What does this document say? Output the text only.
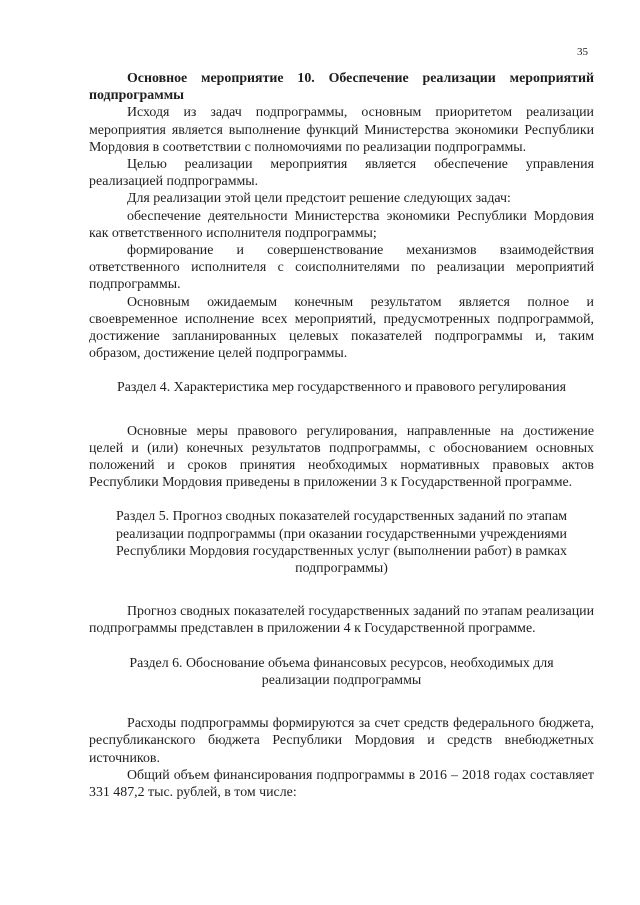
35

Основное мероприятие 10. Обеспечение реализации мероприятий подпрограммы

Исходя из задач подпрограммы, основным приоритетом реализации мероприятия является выполнение функций Министерства экономики Республики Мордовия в соответствии с полномочиями по реализации подпрограммы.

Целью реализации мероприятия является обеспечение управления реализацией подпрограммы.

Для реализации этой цели предстоит решение следующих задач:

обеспечение деятельности Министерства экономики Республики Мордовия как ответственного исполнителя подпрограммы;

формирование и совершенствование механизмов взаимодействия ответственного исполнителя с соисполнителями по реализации мероприятий подпрограммы.

Основным ожидаемым конечным результатом является полное и своевременное исполнение всех мероприятий, предусмотренных подпрограммой, достижение запланированных целевых показателей подпрограммы и, таким образом, достижение целей подпрограммы.

Раздел 4. Характеристика мер государственного и правового регулирования

Основные меры правового регулирования, направленные на достижение целей и (или) конечных результатов подпрограммы, с обоснованием основных положений и сроков принятия необходимых нормативных правовых актов Республики Мордовия приведены в приложении 3 к Государственной программе.

Раздел 5. Прогноз сводных показателей государственных заданий по этапам реализации подпрограммы (при оказании государственными учреждениями Республики Мордовия государственных услуг (выполнении работ) в рамках подпрограммы)

Прогноз сводных показателей государственных заданий по этапам реализации подпрограммы представлен в приложении 4 к Государственной программе.

Раздел 6. Обоснование объема финансовых ресурсов, необходимых для реализации подпрограммы

Расходы подпрограммы формируются за счет средств федерального бюджета, республиканского бюджета Республики Мордовия и средств внебюджетных источников.

Общий объем финансирования подпрограммы в 2016 – 2018 годах составляет 331 487,2 тыс. рублей, в том числе:
